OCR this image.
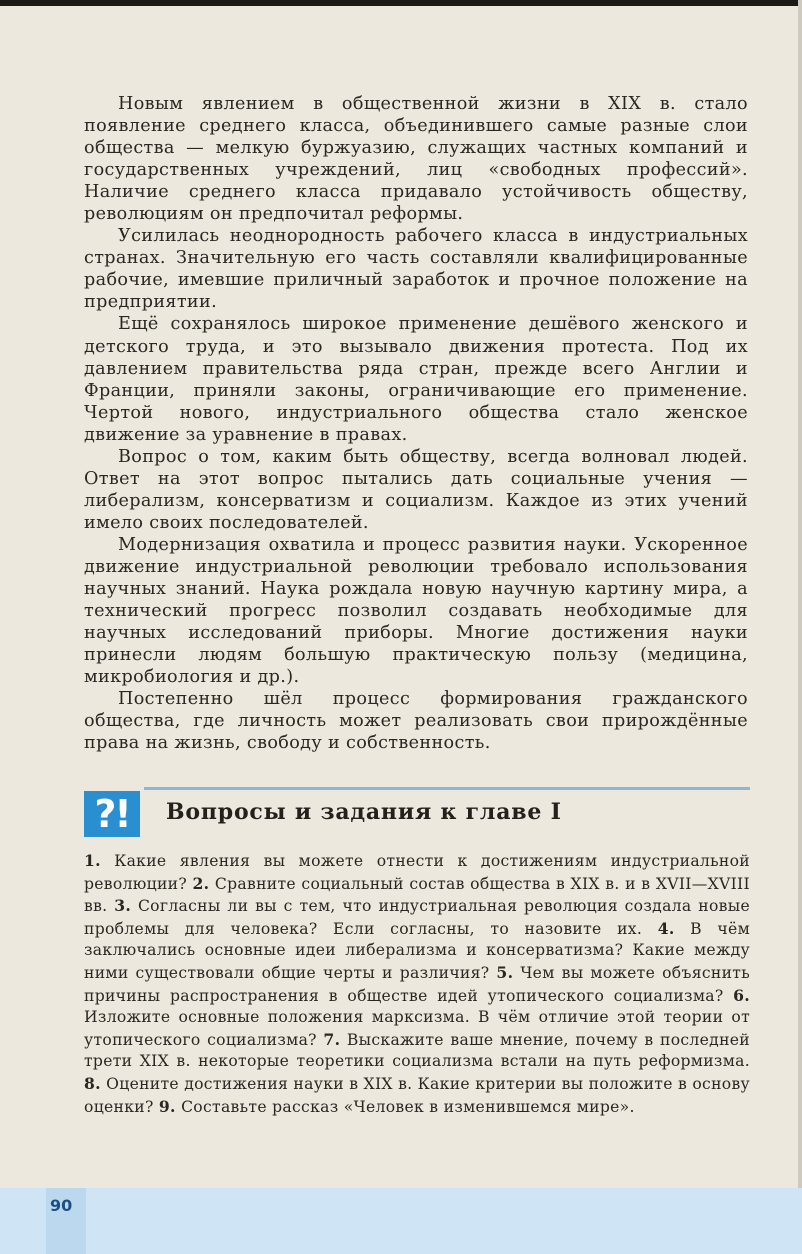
Новым явлением в общественной жизни в XIX в. стало появление среднего класса, объединившего самые разные слои общества — мелкую буржуазию, служащих частных компаний и государственных учреждений, лиц «свободных профессий». Наличие среднего класса придавало устойчивость обществу, революциям он предпочитал реформы.

Усилилась неоднородность рабочего класса в индустриальных странах. Значительную его часть составляли квалифицированные рабочие, имевшие приличный заработок и прочное положение на предприятии.

Ещё сохранялось широкое применение дешёвого женского и детского труда, и это вызывало движения протеста. Под их давлением правительства ряда стран, прежде всего Англии и Франции, приняли законы, ограничивающие его применение. Чертой нового, индустриального общества стало женское движение за уравнение в правах.

Вопрос о том, каким быть обществу, всегда волновал людей. Ответ на этот вопрос пытались дать социальные учения — либерализм, консерватизм и социализм. Каждое из этих учений имело своих последователей.

Модернизация охватила и процесс развития науки. Ускоренное движение индустриальной революции требовало использования научных знаний. Наука рождала новую научную картину мира, а технический прогресс позволил создавать необходимые для научных исследований приборы. Многие достижения науки принесли людям большую практическую пользу (медицина, микробиология и др.).

Постепенно шёл процесс формирования гражданского общества, где личность может реализовать свои прирождённые права на жизнь, свободу и собственность.

?!	Вопросы и задания к главе I
1. Какие явления вы можете отнести к достижениям индустриальной революции? 2. Сравните социальный состав общества в XIX в. и в XVII—XVIII вв. 3. Согласны ли вы с тем, что индустриальная революция создала новые проблемы для человека? Если согласны, то назовите их. 4. В чём заключались основные идеи либерализма и консерватизма? Какие между ними существовали общие черты и различия? 5. Чем вы можете объяснить причины распространения в обществе идей утопического социализма? 6. Изложите основные положения марксизма. В чём отличие этой теории от утопического социализма? 7. Выскажите ваше мнение, почему в последней трети XIX в. некоторые теоретики социализма встали на путь реформизма. 8. Оцените достижения науки в XIX в. Какие критерии вы положите в основу оценки? 9. Составьте рассказ «Человек в изменившемся мире».
90
